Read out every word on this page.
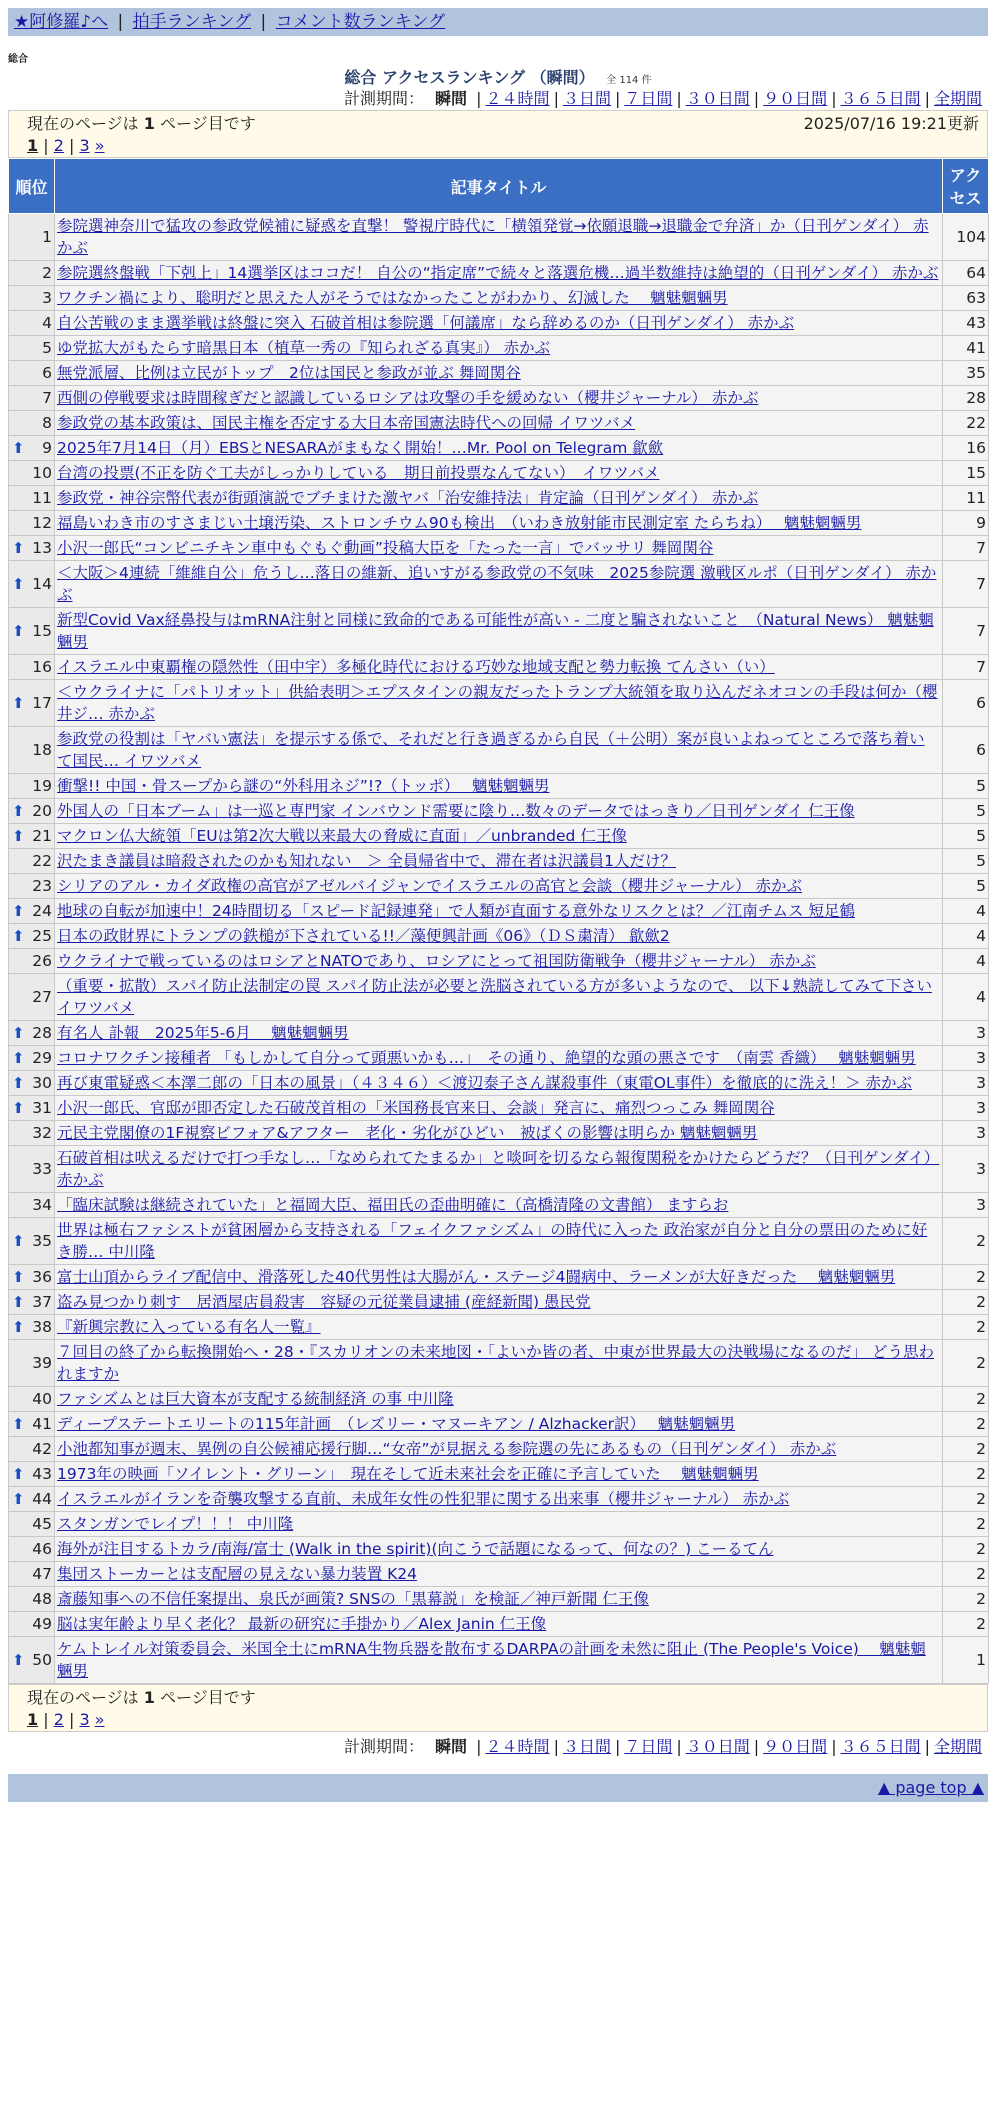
★阿修羅♪へ | 拍手ランキング | コメント数ランキング
総合
総合 アクセスランキング （瞬間） 全 114 件
計測期間： 瞬間 | ２４時間 | ３日間 | ７日間 | ３０日間 | ９０日間 | ３６５日間 | 全期間
現在のページは 1 ページ目です	2025/07/16 19:21更新
1 | 2 | 3 »
順位	記事タイトル	アクセス
1	参院選神奈川で猛攻の参政党候補に疑惑を直撃！ 警視庁時代に「横領発覚→依願退職→退職金で弁済」か（日刊ゲンダイ） 赤かぶ	104
2	参院選終盤戦「下剋上」14選挙区はココだ！ 自公の“指定席”で続々と落選危機…過半数維持は絶望的（日刊ゲンダイ） 赤かぶ	64
3	ワクチン禍により、聡明だと思えた人がそうではなかったことがわかり、幻滅した　 魑魅魍魎男	63
4	自公苦戦のまま選挙戦は終盤に突入 石破首相は参院選「何議席」なら辞めるのか（日刊ゲンダイ） 赤かぶ	43
5	ゆ党拡大がもたらす暗黒日本（植草一秀の『知られざる真実』） 赤かぶ	41
6	無党派層、比例は立民がトップ　2位は国民と参政が並ぶ 舞岡関谷	35
7	西側の停戦要求は時間稼ぎだと認識しているロシアは攻撃の手を緩めない（櫻井ジャーナル） 赤かぶ	28
8	参政党の基本政策は、国民主権を否定する大日本帝国憲法時代への回帰 イワツバメ	22

⬆
9	2025年7月14日（月）EBSとNESARAがまもなく開始！…Mr. Pool on Telegram 歙歛	16
10	台湾の投票(不正を防ぐ工夫がしっかりしている　期日前投票なんてない）　イワツバメ	15
11	参政党・神谷宗幣代表が街頭演説でブチまけた激ヤバ「治安維持法」肯定論（日刊ゲンダイ） 赤かぶ	11
12	福島いわき市のすさまじい土壌汚染、ストロンチウム90も検出　（いわき放射能市民測定室 たらちね）　 魑魅魍魎男	9

⬆
13	小沢一郎氏“コンビニチキン車中もぐもぐ動画”投稿大臣を「たった一言」でバッサリ 舞岡関谷	7

⬆
14	＜大阪＞4連続「維維自公」危うし…落日の維新、追いすがる参政党の不気味　2025参院選 激戦区ルポ（日刊ゲンダイ） 赤かぶ	7

⬆
15	新型Covid Vax経鼻投与はmRNA注射と同様に致命的である可能性が高い - 二度と騙されないこと　（Natural News） 魑魅魍魎男	7
16	イスラエル中東覇権の隠然性（田中宇）多極化時代における巧妙な地域支配と勢力転換 てんさい（い）	7

⬆
17	＜ウクライナに「パトリオット」供給表明＞エプスタインの親友だったトランプ大統領を取り込んだネオコンの手段は何か（櫻井ジ… 赤かぶ	6
18	参政党の役割は「ヤバい憲法」を提示する係で、それだと行き過ぎるから自民（＋公明）案が良いよねってところで落ち着いて国民… イワツバメ	6
19	衝撃!! 中国・骨スープから謎の“外科用ネジ”!?（トッポ）　 魑魅魍魎男	5

⬆
20	外国人の「日本ブーム」は一巡と専門家 インバウンド需要に陰り…数々のデータではっきり／日刊ゲンダイ 仁王像	5

⬆
21	マクロン仏大統領「EUは第2次大戦以来最大の脅威に直面」／unbranded 仁王像	5
22	沢たまき議員は暗殺されたのかも知れない　＞ 全員帰省中で、滞在者は沢議員1人だけ？	5
23	シリアのアル・カイダ政権の高官がアゼルバイジャンでイスラエルの高官と会談（櫻井ジャーナル） 赤かぶ	5

⬆
24	地球の自転が加速中！24時間切る「スピード記録連発」で人類が直面する意外なリスクとは？／江南チムス 短足鶴	4

⬆
25	日本の政財界にトランプの鉄槌が下されている!!／藻便興計画《06》（ＤＳ粛清） 歙歛2	4
26	ウクライナで戦っているのはロシアとNATOであり、ロシアにとって祖国防衛戦争（櫻井ジャーナル） 赤かぶ	4
27	（重要・拡散）スパイ防止法制定の罠 スパイ防止法が必要と洗脳されている方が多いようなので、 以下↓熟読してみて下さい イワツバメ	4

⬆
28	有名人 訃報　2025年5-6月　 魑魅魍魎男	3

⬆
29	コロナワクチン接種者 「もしかして自分って頭悪いかも…」　その通り、絶望的な頭の悪さです　（南雲 香織）　 魑魅魍魎男	3

⬆
30	再び東電疑惑＜本澤二郎の「日本の風景」（４３４６）＜渡辺泰子さん謀殺事件（東電OL事件）を徹底的に洗え！＞ 赤かぶ	3

⬆
31	小沢一郎氏、官邸が即否定した石破茂首相の「米国務長官来日、会談」発言に、痛烈つっこみ 舞岡関谷	3
32	元民主党閣僚の1F視察ビフォア&アフター　老化・劣化がひどい　被ばくの影響は明らか 魑魅魍魎男	3
33	石破首相は吠えるだけで打つ手なし…「なめられてたまるか」と啖呵を切るなら報復関税をかけたらどうだ？（日刊ゲンダイ） 赤かぶ	3
34	「臨床試験は継続されていた」と福岡大臣、福田氏の歪曲明確に（高橋清隆の文書館） ますらお	3

⬆
35	世界は極右ファシストが貧困層から支持される「フェイクファシズム」の時代に入った 政治家が自分と自分の票田のために好き勝… 中川隆	2

⬆
36	富士山頂からライブ配信中、滑落死した40代男性は大腸がん・ステージ4闘病中、ラーメンが大好きだった　 魑魅魍魎男	2

⬆
37	盗み見つかり刺す　居酒屋店員殺害　容疑の元従業員逮捕 (産経新聞) 愚民党	2

⬆
38	『新興宗教に入っている有名人一覧』	2
39	７回目の終了から転換開始へ・28・『スカリオンの未来地図・「よいか皆の者、中東が世界最大の決戦場になるのだ」 どう思われますか	2
40	ファシズムとは巨大資本が支配する統制経済 の事 中川隆	2

⬆
41	ディープステートエリートの115年計画　（レズリー・マヌーキアン / Alzhacker訳）　 魑魅魍魎男	2
42	小池都知事が週末、異例の自公候補応援行脚…“女帝”が見据える参院選の先にあるもの（日刊ゲンダイ） 赤かぶ	2

⬆
43	1973年の映画「ソイレント・グリーン」　現在そして近未来社会を正確に予言していた　 魑魅魍魎男	2

⬆
44	イスラエルがイランを奇襲攻撃する直前、未成年女性の性犯罪に関する出来事（櫻井ジャーナル） 赤かぶ	2
45	スタンガンでレイプ！！！ 中川隆	2
46	海外が注目するトカラ/南海/富士 (Walk in the spirit)(向こうで話題になるって、何なの？) こーるてん	2
47	集団ストーカーとは支配層の見えない暴力装置 K24	2
48	斎藤知事への不信任案提出、泉氏が画策? SNSの「黒幕説」を検証／神戸新聞 仁王像	2
49	脳は実年齢より早く老化？ 最新の研究に手掛かり／Alex Janin 仁王像	2

⬆
50	ケムトレイル対策委員会、米国全土にmRNA生物兵器を散布するDARPAの計画を未然に阻止 (The People's Voice)　 魑魅魍魎男	1
現在のページは 1 ページ目です
1 | 2 | 3 »
計測期間： 瞬間 | ２４時間 | ３日間 | ７日間 | ３０日間 | ９０日間 | ３６５日間 | 全期間
▲ page top ▲
